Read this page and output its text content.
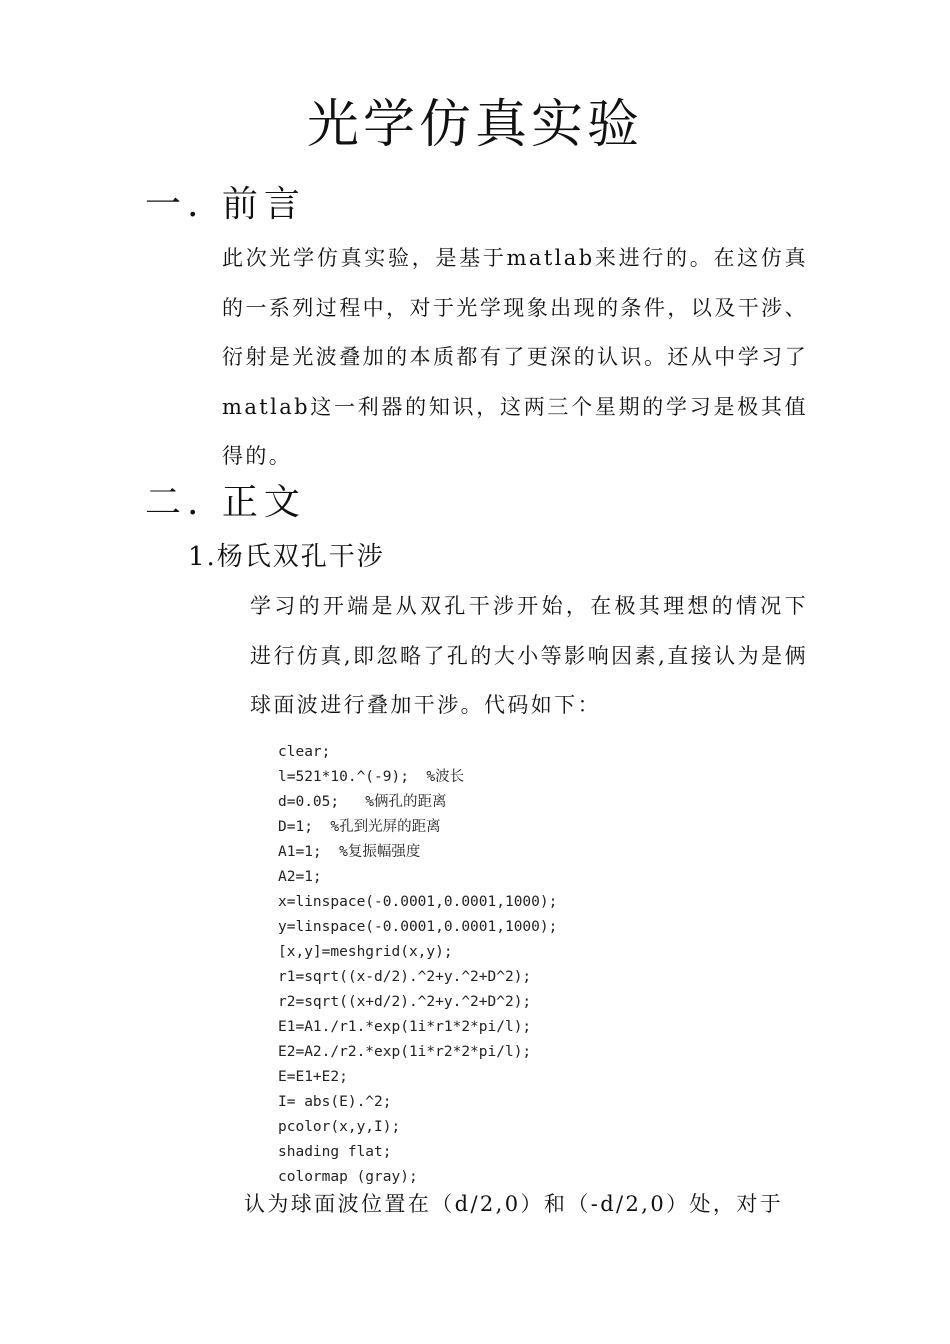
光学仿真实验
一. 前言

此次光学仿真实验，是基于matlab来进行的。在这仿真的一系列过程中，对于光学现象出现的条件，以及干涉、衍射是光波叠加的本质都有了更深的认识。还从中学习了matlab这一利器的知识，这两三个星期的学习是极其值得的。

二. 正文
1.杨氏双孔干涉

学习的开端是从双孔干涉开始，在极其理想的情况下进行仿真,即忽略了孔的大小等影响因素,直接认为是俩球面波进行叠加干涉。代码如下：

clear;
l=521*10.^(-9);  %波长
d=0.05;   %俩孔的距离
D=1;  %孔到光屏的距离
A1=1;  %复振幅强度
A2=1;
x=linspace(-0.0001,0.0001,1000);
y=linspace(-0.0001,0.0001,1000);
[x,y]=meshgrid(x,y);
r1=sqrt((x-d/2).^2+y.^2+D^2);
r2=sqrt((x+d/2).^2+y.^2+D^2);
E1=A1./r1.*exp(1i*r1*2*pi/l);
E2=A2./r2.*exp(1i*r2*2*pi/l);
E=E1+E2;
I= abs(E).^2;
pcolor(x,y,I);
shading flat;
colormap (gray);

认为球面波位置在（d/2,0）和（-d/2,0）处，对于
